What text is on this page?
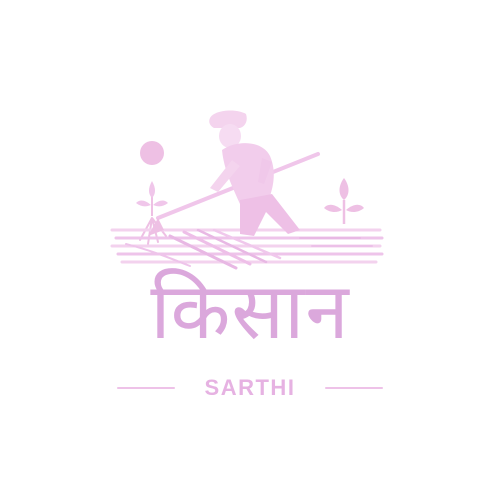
किसान
SARTHI
